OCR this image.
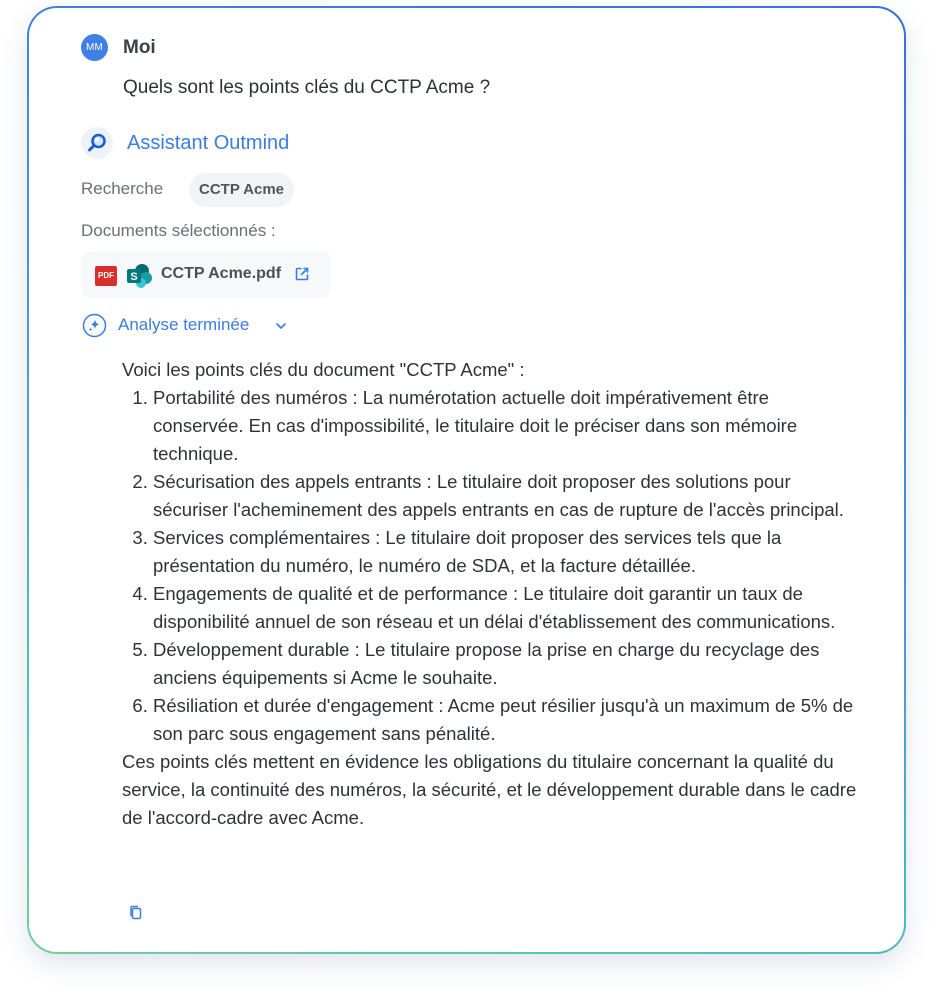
MM Moi
Quels sont les points clés du CCTP Acme ?
Assistant Outmind
Recherche	CCTP Acme
Documents sélectionnés :
PDF S CCTP Acme.pdf
Analyse terminée

Voici les points clés du document "CCTP Acme" :

1. Portabilité des numéros : La numérotation actuelle doit impérativement être conservée. En cas d'impossibilité, le titulaire doit le préciser dans son mémoire technique.
2. Sécurisation des appels entrants : Le titulaire doit proposer des solutions pour sécuriser l'acheminement des appels entrants en cas de rupture de l'accès principal.
3. Services complémentaires : Le titulaire doit proposer des services tels que la présentation du numéro, le numéro de SDA, et la facture détaillée.
4. Engagements de qualité et de performance : Le titulaire doit garantir un taux de disponibilité annuel de son réseau et un délai d'établissement des communications.
5. Développement durable : Le titulaire propose la prise en charge du recyclage des anciens équipements si Acme le souhaite.
6. Résiliation et durée d'engagement : Acme peut résilier jusqu'à un maximum de 5% de son parc sous engagement sans pénalité.

Ces points clés mettent en évidence les obligations du titulaire concernant la qualité du service, la continuité des numéros, la sécurité, et le développement durable dans le cadre de l'accord-cadre avec Acme.
